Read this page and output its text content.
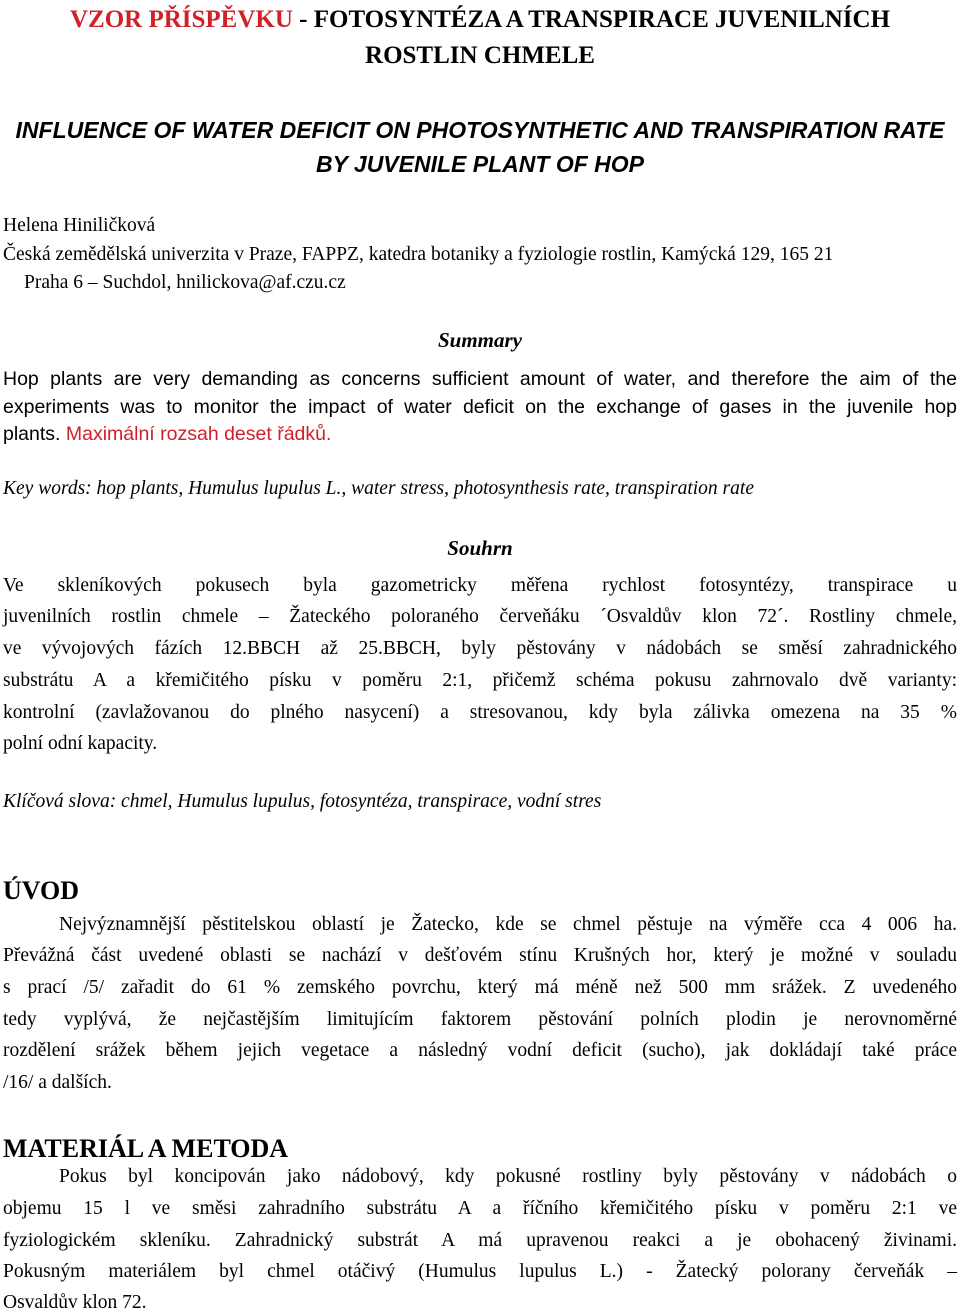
VZOR PŘÍSPĚVKU - FOTOSYNTÉZA A TRANSPIRACE JUVENILNÍCH
ROSTLIN CHMELE
INFLUENCE OF WATER DEFICIT ON PHOTOSYNTHETIC AND TRANSPIRATION RATE
BY JUVENILE PLANT OF HOP
Helena Hiniličková
Česká zemědělská univerzita v Praze, FAPPZ, katedra botaniky a fyziologie rostlin, Kamýcká 129, 165 21
Praha 6 – Suchdol, hnilickova@af.czu.cz
Summary
Hop plants are very demanding as concerns sufficient amount of water, and therefore the aim of the
experiments was to monitor the impact of water deficit on the exchange of gases in the juvenile hop
plants. Maximální rozsah deset řádků.
Key words: hop plants, Humulus lupulus L., water stress, photosynthesis rate, transpiration rate
Souhrn
Ve skleníkových pokusech byla gazometricky měřena rychlost fotosyntézy, transpirace u
juvenilních rostlin chmele – Žateckého poloraného červeňáku ´Osvaldův klon 72´. Rostliny chmele,
ve vývojových fázích 12.BBCH až 25.BBCH, byly pěstovány v nádobách se směsí zahradnického
substrátu A a křemičitého písku v poměru 2:1, přičemž schéma pokusu zahrnovalo dvě varianty:
kontrolní (zavlažovanou do plného nasycení) a stresovanou, kdy byla zálivka omezena na 35 %
polní odní kapacity.
Klíčová slova: chmel, Humulus lupulus, fotosyntéza, transpirace, vodní stres
ÚVOD
Nejvýznamnější pěstitelskou oblastí je Žatecko, kde se chmel pěstuje na výměře cca 4 006 ha.
Převážná část uvedené oblasti se nachází v dešťovém stínu Krušných hor, který je možné v souladu
s prací /5/ zařadit do 61 % zemského povrchu, který má méně než 500 mm srážek. Z uvedeného
tedy vyplývá, že nejčastějším limitujícím faktorem pěstování polních plodin je nerovnoměrné
rozdělení srážek během jejich vegetace a následný vodní deficit (sucho), jak dokládají také práce
/16/ a dalších.
MATERIÁL A METODA
Pokus byl koncipován jako nádobový, kdy pokusné rostliny byly pěstovány v nádobách o
objemu 15 l ve směsi zahradního substrátu A a říčního křemičitého písku v poměru 2:1 ve
fyziologickém skleníku. Zahradnický substrát A má upravenou reakci a je obohacený živinami.
Pokusným materiálem byl chmel otáčivý (Humulus lupulus L.) - Žatecký polorany červeňák –
Osvaldův klon 72.
